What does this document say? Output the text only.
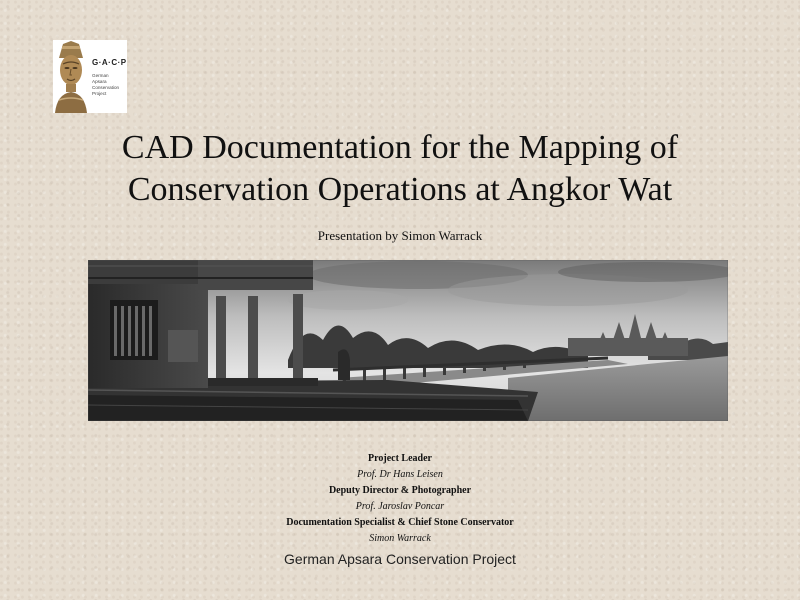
G·A·C·P
German
Apsara
Conservation
Project
CAD Documentation for the Mapping of
Conservation Operations at Angkor Wat
Presentation by Simon Warrack
Project Leader
Prof. Dr Hans Leisen
Deputy Director & Photographer
Prof. Jaroslav Poncar
Documentation Specialist & Chief Stone Conservator
Simon Warrack
German Apsara Conservation Project
